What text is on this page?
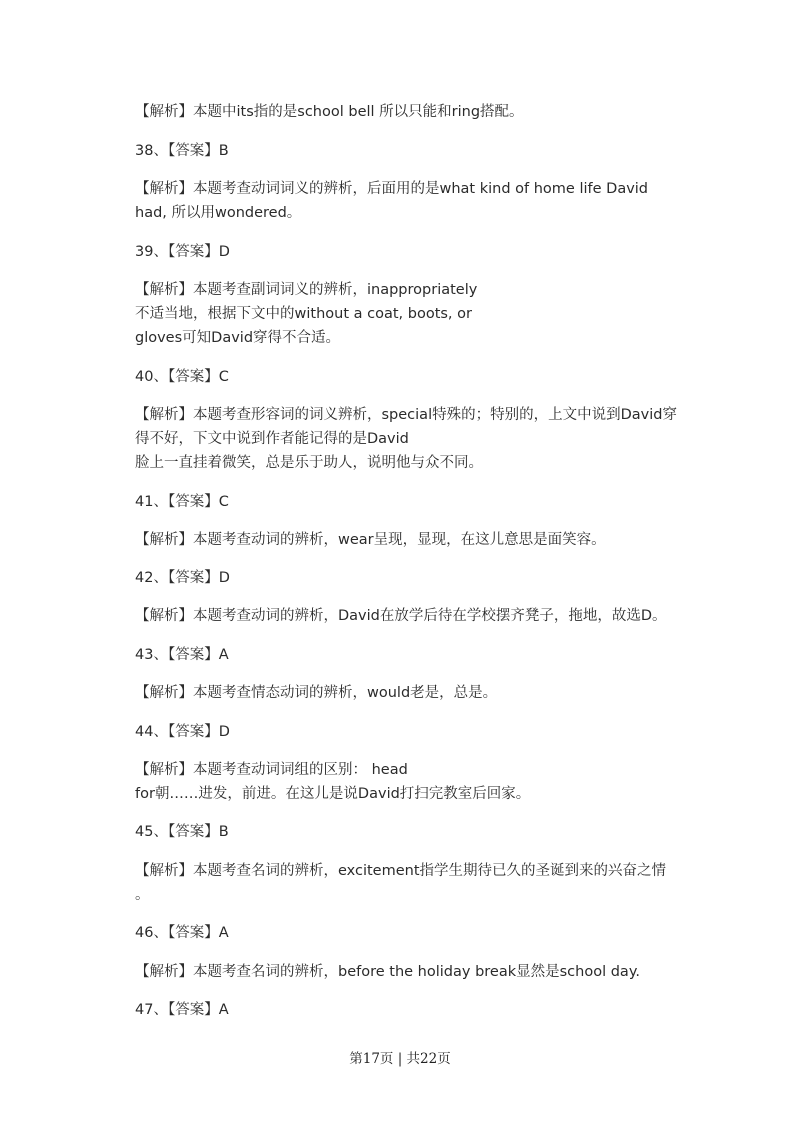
【解析】本题中its指的是school bell 所以只能和ring搭配。
38、【答案】B
【解析】本题考查动词词义的辨析，后面用的是what kind of home life David
had, 所以用wondered。
39、【答案】D
【解析】本题考查副词词义的辨析，inappropriately
不适当地，根据下文中的without a coat, boots, or
gloves可知David穿得不合适。
40、【答案】C
【解析】本题考查形容词的词义辨析，special特殊的；特别的，上文中说到David穿
得不好，下文中说到作者能记得的是David
脸上一直挂着微笑，总是乐于助人，说明他与众不同。
41、【答案】C
【解析】本题考查动词的辨析，wear呈现，显现，在这儿意思是面笑容。
42、【答案】D
【解析】本题考查动词的辨析，David在放学后待在学校摆齐凳子，拖地，故选D。
43、【答案】A
【解析】本题考查情态动词的辨析，would老是，总是。
44、【答案】D
【解析】本题考查动词词组的区别： head
for朝……进发，前进。在这儿是说David打扫完教室后回家。
45、【答案】B
【解析】本题考查名词的辨析，excitement指学生期待已久的圣诞到来的兴奋之情
。
46、【答案】A
【解析】本题考查名词的辨析，before the holiday break显然是school day.
47、【答案】A
第17页 | 共22页
